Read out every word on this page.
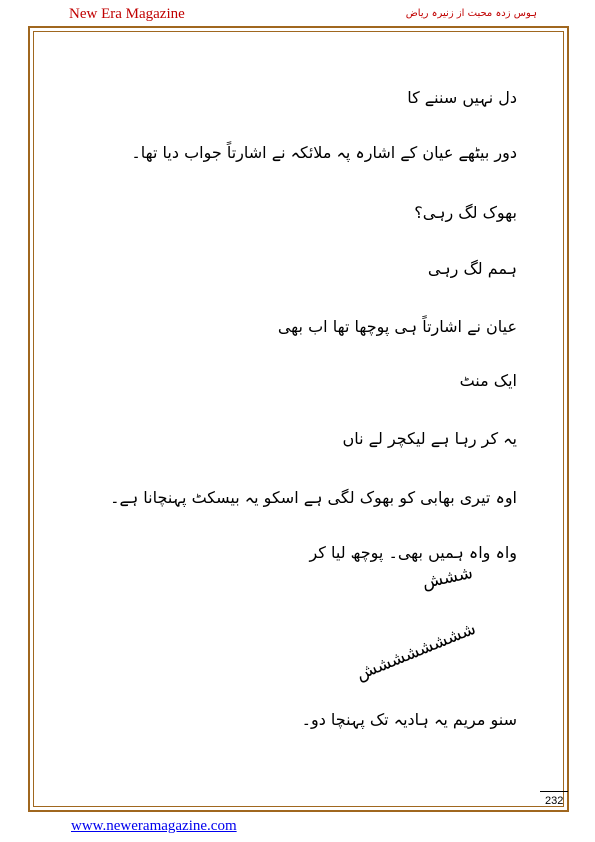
New Era Magazine	ہوس زدہ محبت از زنیرہ ریاض
دل نہیں سننے کا
دور بیٹھے عیان کے اشارہ پہ ملائکہ نے اشارتاً جواب دیا تھا۔
بھوک لگ رہی؟
ہمم لگ رہی
عیان نے اشارتاً ہی پوچھا تھا اب بھی
ایک منٹ
یہ کر رہا ہے لیکچر لے ناں
اوہ تیری بھابی کو بھوک لگی ہے اسکو یہ بیسکٹ پہنچانا ہے۔
واہ واہ ہمیں بھی۔ پوچھ لیا کر
ششش
شششششششش
سنو مریم یہ ہادیہ تک پہنچا دو۔
232
www.neweramagazine.com
